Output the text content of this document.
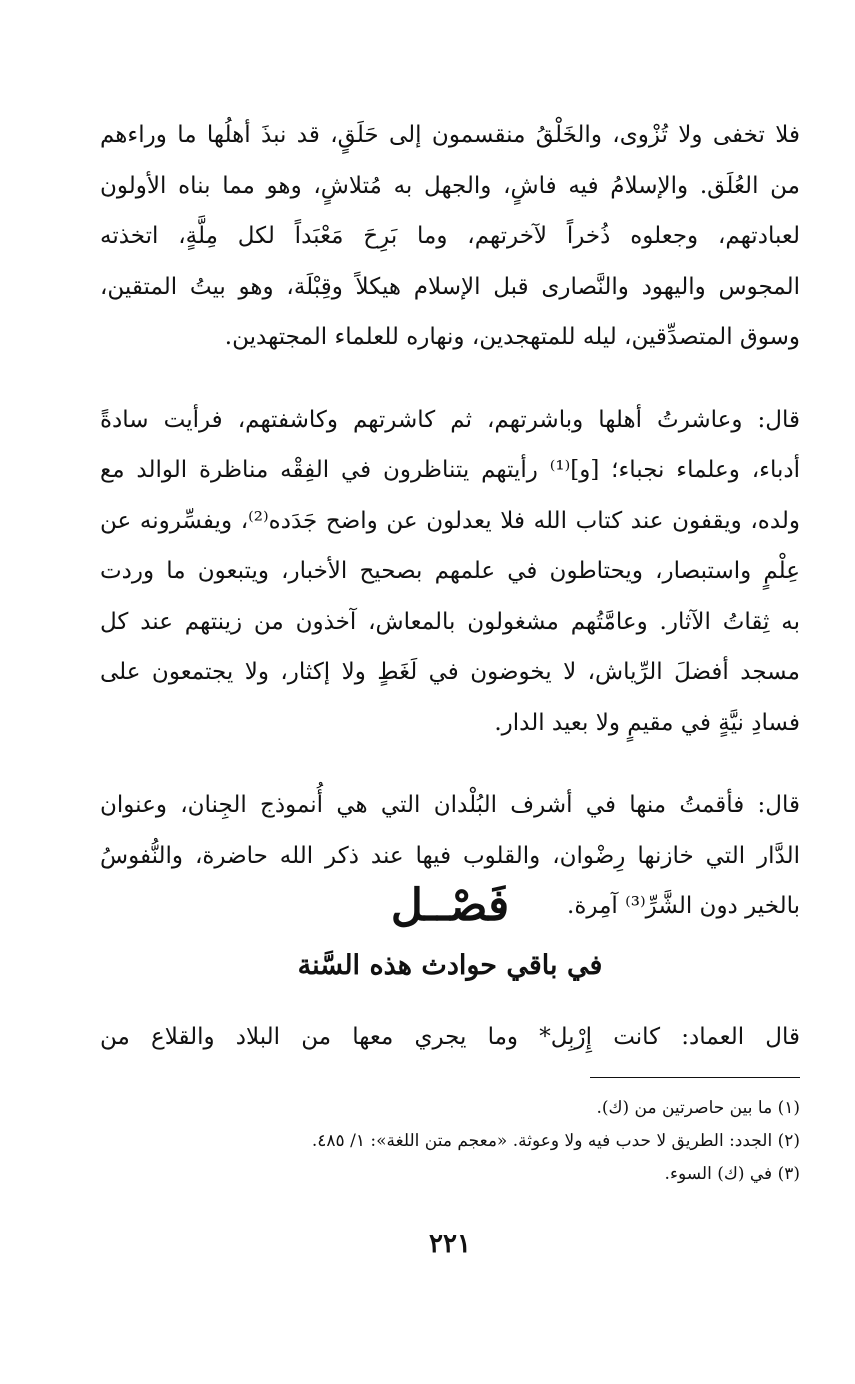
فلا تخفى ولا تُزْوى، والخَلْقُ منقسمون إلى حَلَقٍ، قد نبذَ أهلُها ما وراءهم
من العُلَق. والإسلامُ فيه فاشٍ، والجهل به مُتلاشٍ، وهو مما بناه الأولون
لعبادتهم، وجعلوه ذُخراً لآخرتهم، وما بَرِحَ مَعْبَداً لكل مِلَّةٍ، اتخذته
المجوس واليهود والنَّصارى قبل الإسلام هيكلاً وقِبْلَة، وهو بيتُ المتقين،
وسوق المتصدِّقين، ليله للمتهجدين، ونهاره للعلماء المجتهدين.

قال: وعاشرتُ أهلها وباشرتهم، ثم كاشرتهم وكاشفتهم، فرأيت سادةً
أدباء، وعلماء نجباء؛ [و]⁽¹⁾ رأيتهم يتناظرون في الفِقْه مناظرة الوالد مع
ولده، ويقفون عند كتاب الله فلا يعدلون عن واضح جَدَده⁽²⁾، ويفسِّرونه عن
عِلْمٍ واستبصار، ويحتاطون في علمهم بصحيح الأخبار، ويتبعون ما وردت
به ثِقاتُ الآثار. وعامَّتُهم مشغولون بالمعاش، آخذون من زينتهم عند كل
مسجد أفضلَ الرِّياش، لا يخوضون في لَغَطٍ ولا إكثار، ولا يجتمعون على
فسادِ نيَّةٍ في مقيمٍ ولا بعيد الدار.

قال: فأقمتُ منها في أشرف البُلْدان التي هي أُنموذج الجِنان، وعنوان
الدَّار التي خازنها رِضْوان، والقلوب فيها عند ذكر الله حاضرة، والنُّفوسُ
بالخير دون الشَّرِّ⁽³⁾ آمِرة.

فَصْــل
في باقي حوادث هذه السَّنة
قال العماد: كانت إِرْبِل* وما يجري معها من البلاد والقلاع من
(١) ما بين حاصرتين من (ك).
(٢) الجدد: الطريق لا حدب فيه ولا وعوثة. «معجم متن اللغة»: ١/ ٤٨٥.
(٣) في (ك) السوء.
٢٢١
